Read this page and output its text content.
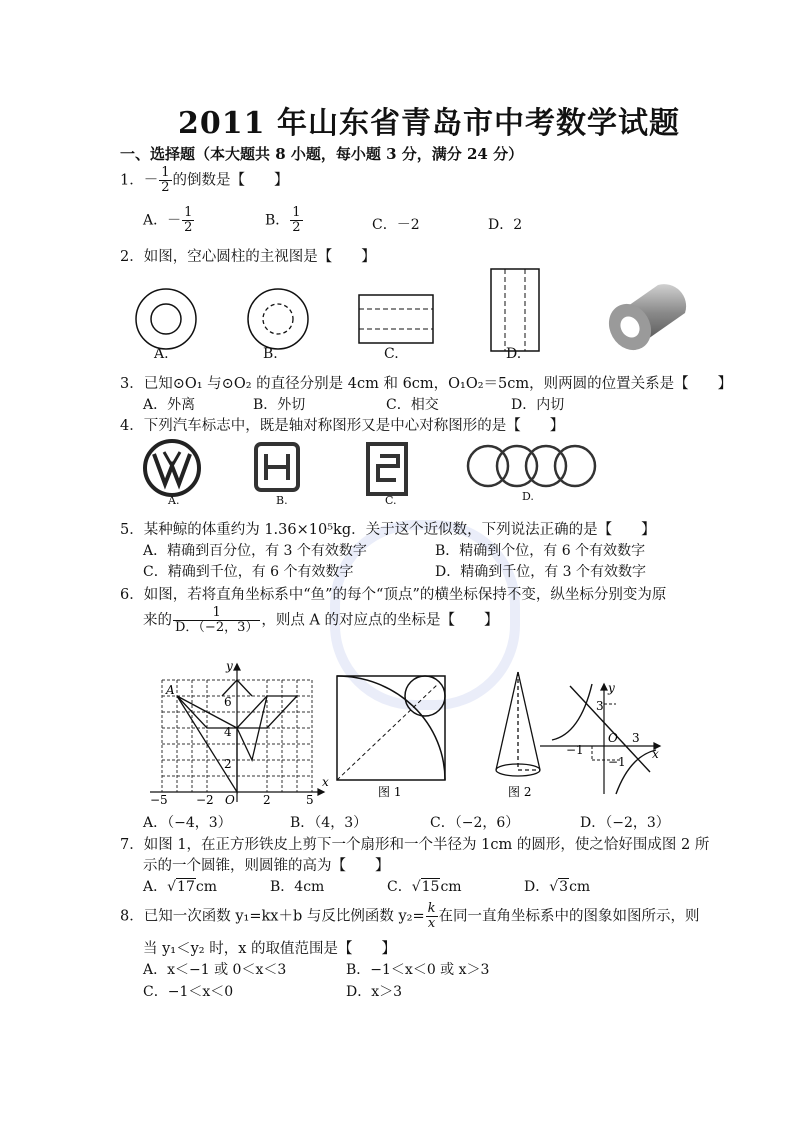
2011 年山东省青岛市中考数学试题
一、选择题（本大题共 8 小题，每小题 3 分，满分 24 分）
1．－ $\frac{1}{2}$ 的倒数是【　　】
A．－ $\frac{1}{2}$	B． $\frac{1}{2}$	C．－2	D．2
2．如图，空心圆柱的主视图是【　　】
A.	B.	C.	D.
3．已知⊙O₁ 与⊙O₂ 的直径分别是 4cm 和 6cm，O₁O₂＝5cm，则两圆的位置关系是【　　】
A．外离	B．外切	C．相交	D．内切
4．下列汽车标志中，既是轴对称图形又是中心对称图形的是【　　】
A.	B.	C.	D.
5．某种鲸的体重约为 1.36×10⁵kg．关于这个近似数，下列说法正确的是【　　】
A．精确到百分位，有 3 个有效数字	B．精确到个位，有 6 个有效数字
C．精确到千位，有 6 个有效数字	D．精确到千位，有 3 个有效数字
6．如图，若将直角坐标系中“鱼”的每个“顶点”的横坐标保持不变，纵坐标分别变为原
来的 $\frac{1}{D.(-2,3)}$ ，则点 A 的对应点的坐标是【　　】
y
x
A
6
4
2
O
−5 −2	2	5
图 1	图 2
y
x
3
O 3
−1
−1
A．（−4，3）	B．（4，3）	C．（−2，6）	D．（−2，3）
7．如图 1，在正方形铁皮上剪下一个扇形和一个半径为 1cm 的圆形，使之恰好围成图 2 所
示的一个圆锥，则圆锥的高为【　　】
A．√17cm	B．4cm	C．√15cm	D．√3cm
8．已知一次函数 y₁=kx＋b 与反比例函数 $y_2= \frac{k}{x}$ 在同一直角坐标系中的图象如图所示，则
当 y₁＜y₂ 时，x 的取值范围是【　　】
A．x＜−1 或 0＜x＜3	B．−1＜x＜0 或 x＞3
C．−1＜x＜0	D．x＞3
